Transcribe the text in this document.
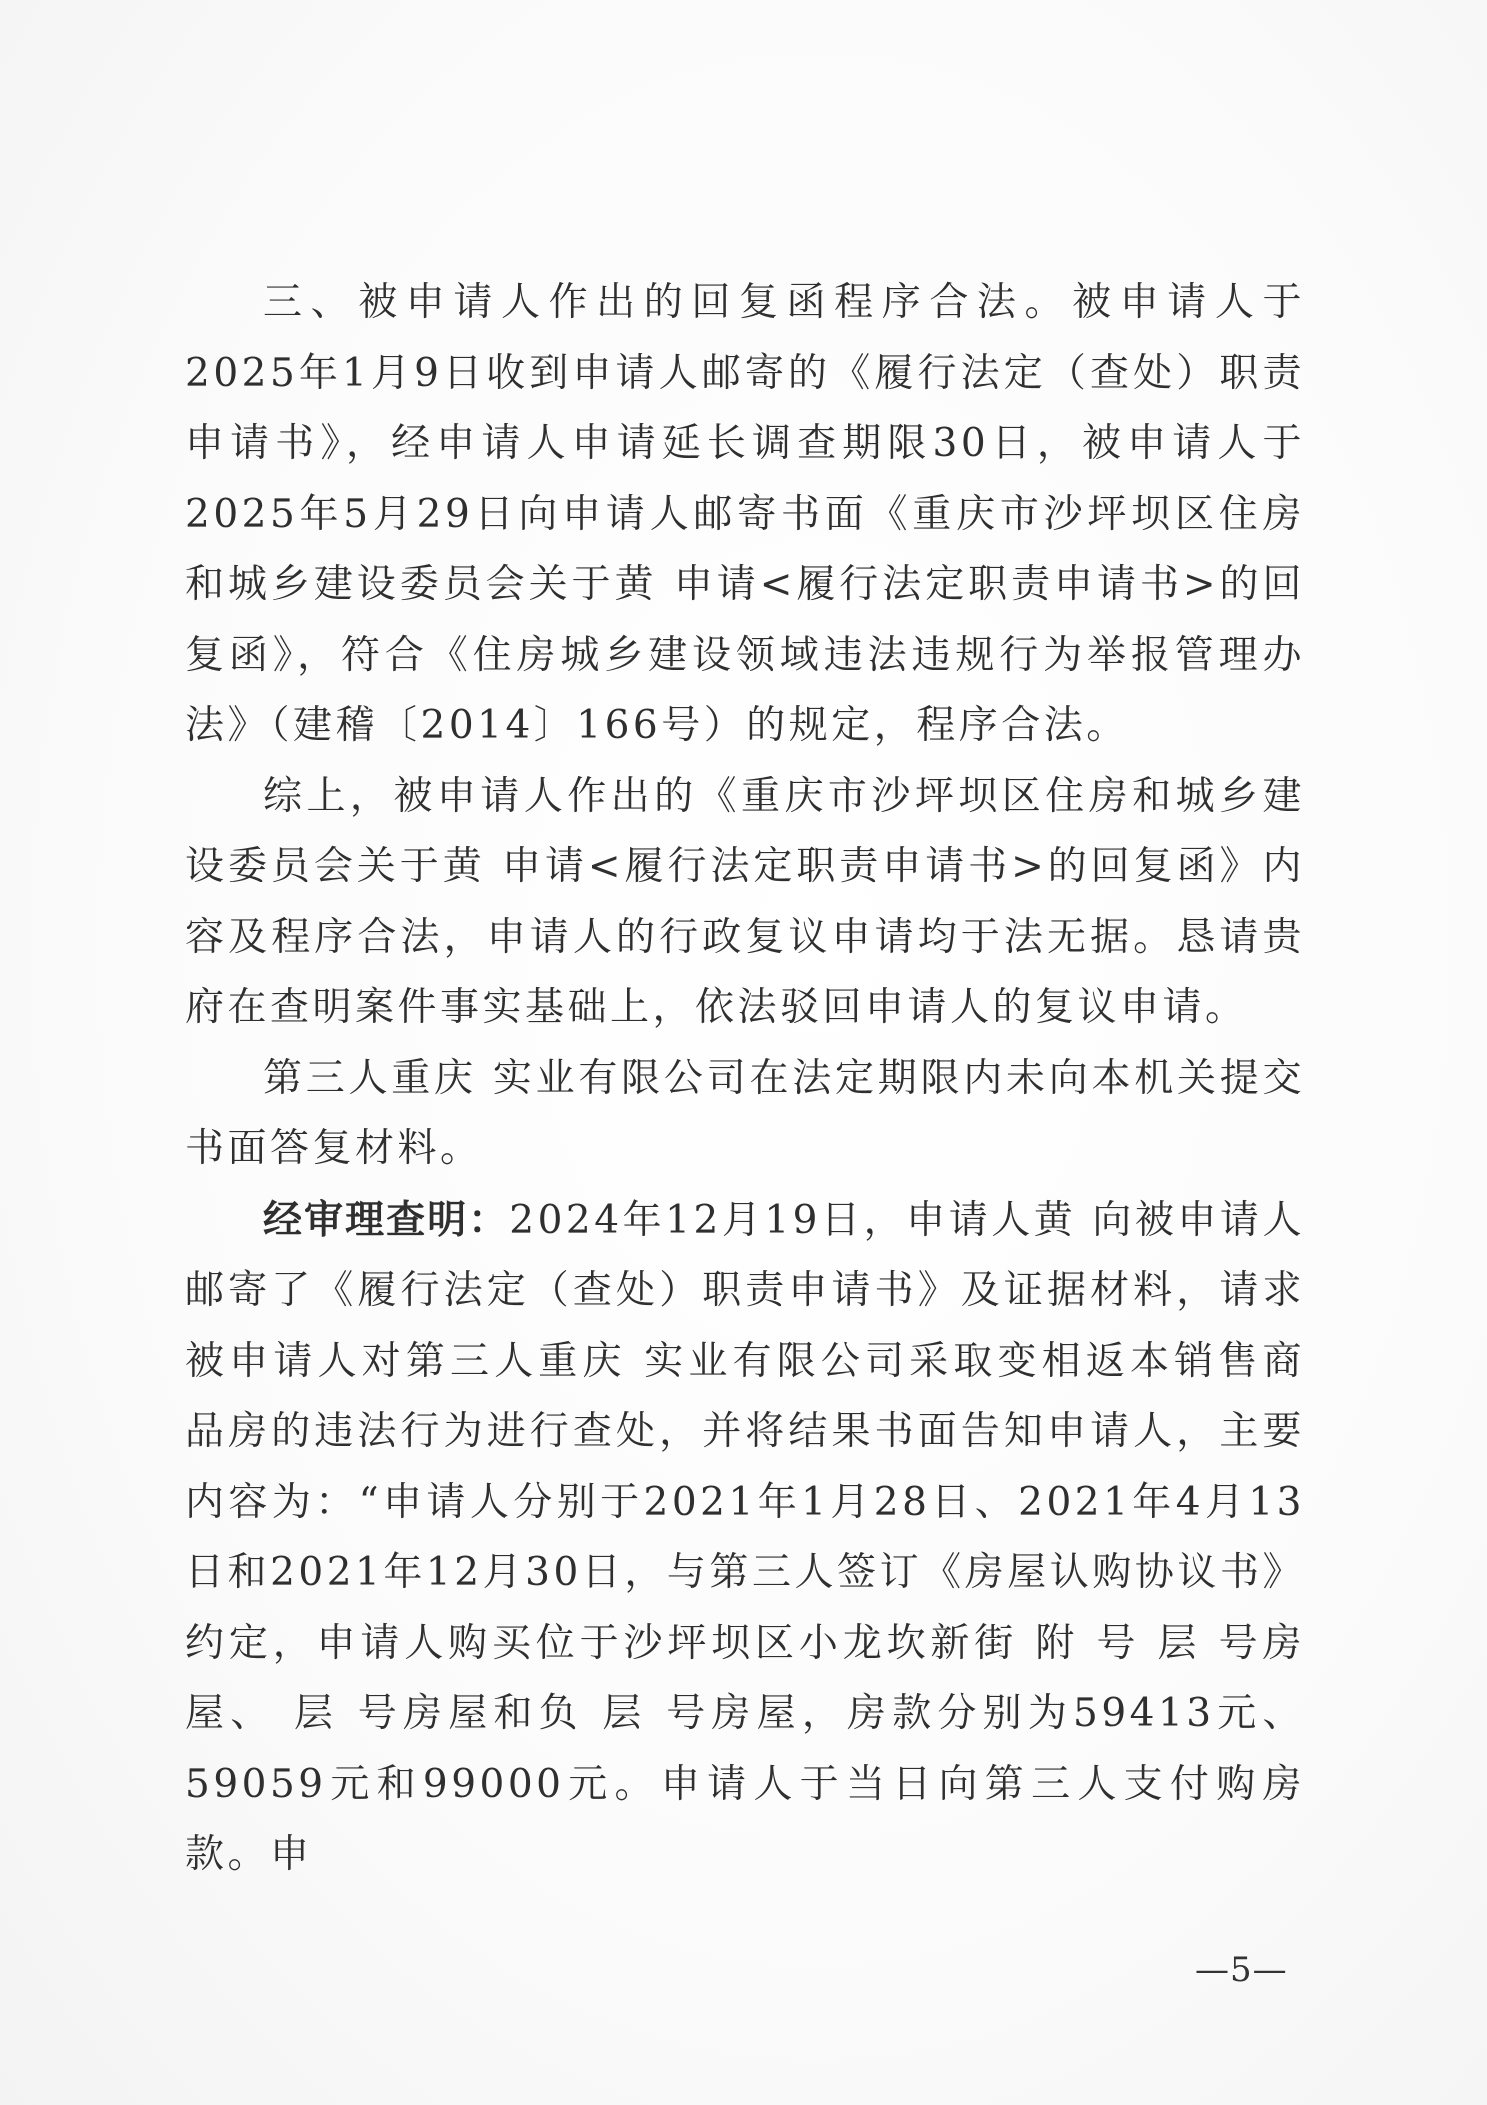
三、被申请人作出的回复函程序合法。被申请人于2025年1月9日收到申请人邮寄的《履行法定（查处）职责申请书》，经申请人申请延长调查期限30日，被申请人于2025年5月29日向申请人邮寄书面《重庆市沙坪坝区住房和城乡建设委员会关于黄 申请<履行法定职责申请书>的回复函》，符合《住房城乡建设领域违法违规行为举报管理办法》（建稽〔2014〕166号）的规定，程序合法。

综上，被申请人作出的《重庆市沙坪坝区住房和城乡建设委员会关于黄 申请<履行法定职责申请书>的回复函》内容及程序合法，申请人的行政复议申请均于法无据。恳请贵府在查明案件事实基础上，依法驳回申请人的复议申请。

第三人重庆 实业有限公司在法定期限内未向本机关提交书面答复材料。

经审理查明：2024年12月19日，申请人黄 向被申请人邮寄了《履行法定（查处）职责申请书》及证据材料，请求被申请人对第三人重庆 实业有限公司采取变相返本销售商品房的违法行为进行查处，并将结果书面告知申请人，主要内容为：“申请人分别于2021年1月28日、2021年4月13日和2021年12月30日，与第三人签订《房屋认购协议书》约定，申请人购买位于沙坪坝区小龙坎新街 附 号 层 号房屋、 层 号房屋和负 层 号房屋，房款分别为59413元、59059元和99000元。申请人于当日向第三人支付购房款。申

—5—
